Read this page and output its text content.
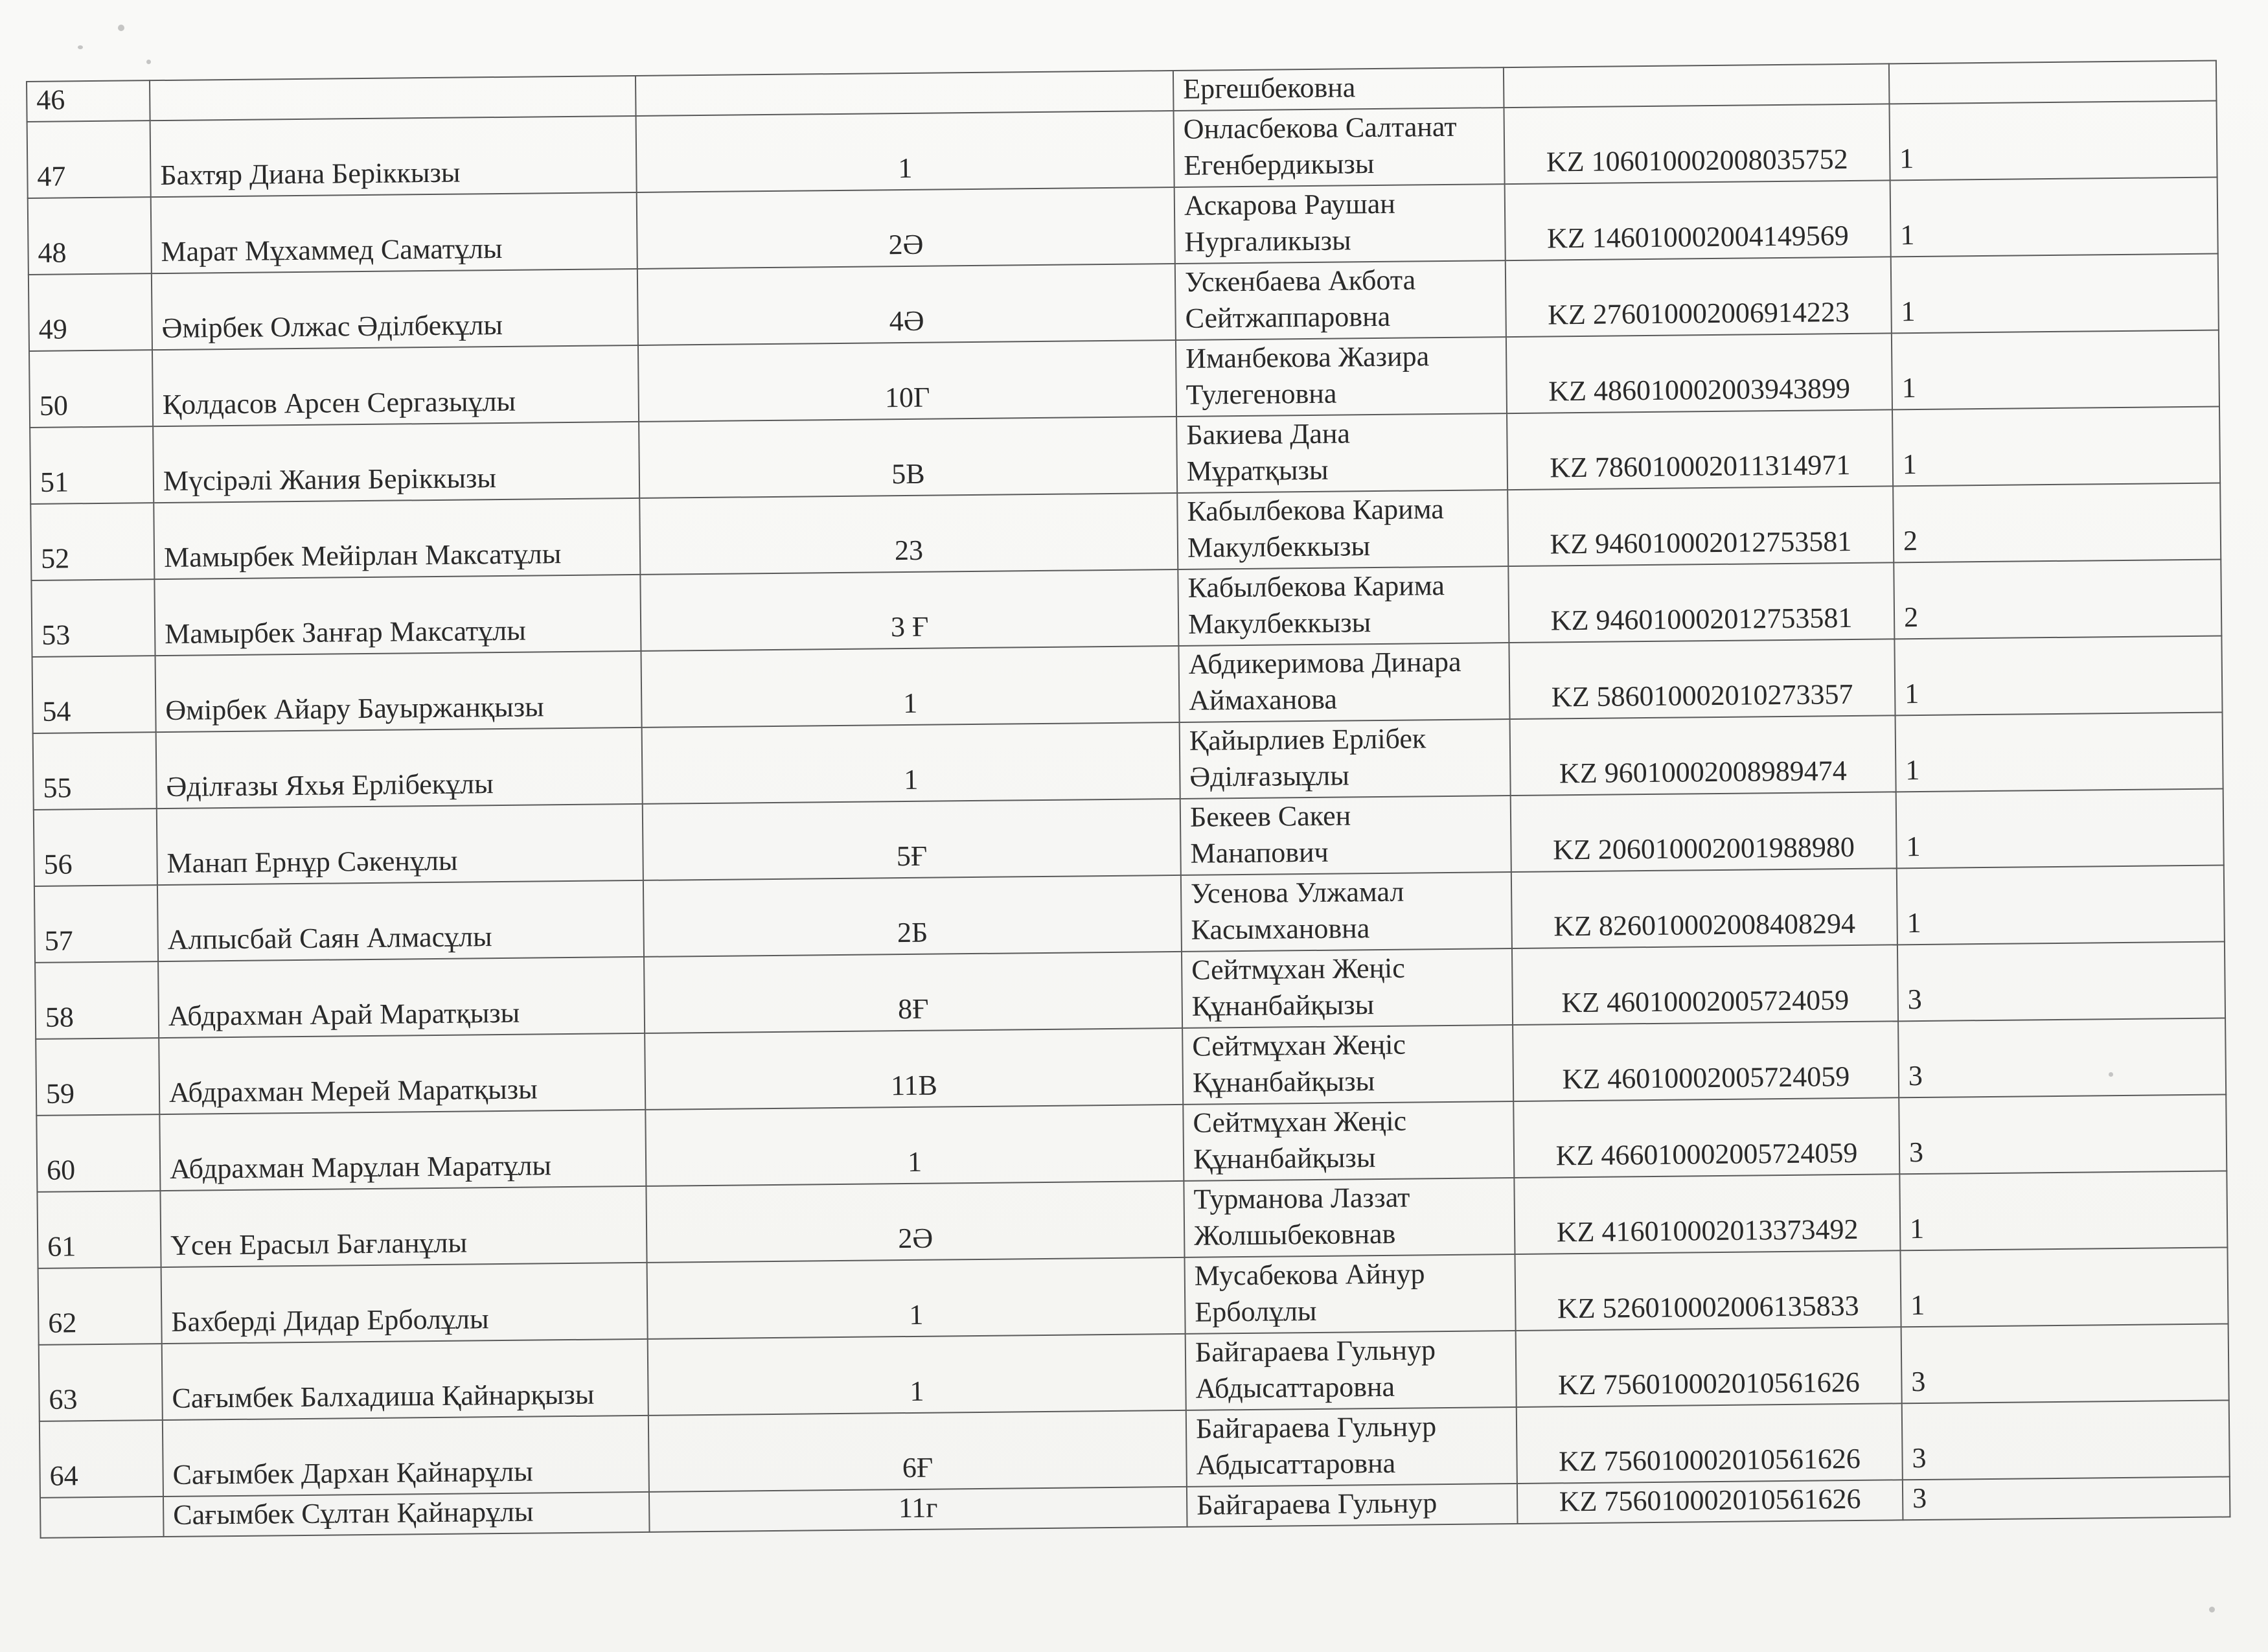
46			Ергешбековна		

47	Бахтяр Диана Беріккызы	1	Онласбекова Салтанат
Егенбердикызы	KZ 106010002008035752	1
48	Марат Мұхаммед Саматұлы	2Ә	Аскарова Раушан
Нургаликызы	KZ 146010002004149569	1
49	Әмірбек Олжас Әділбекұлы	4Ә	Ускенбаева Акбота
Сейтжаппаровна	KZ 276010002006914223	1
50	Қолдасов Арсен Сергазыұлы	10Г	Иманбекова Жазира
Тулегеновна	KZ 486010002003943899	1
51	Мүсірәлі Жания Беріккызы	5В	Бакиева Дана
Мұратқызы	KZ 786010002011314971	1
52	Мамырбек Мейірлан Максатұлы	23	Кабылбекова Карима
Макулбеккызы	KZ 946010002012753581	2
53	Мамырбек Занғар Максатұлы	3 Ғ	Кабылбекова Карима
Макулбеккызы	KZ 946010002012753581	2
54	Өмірбек Айару Бауыржанқызы	1	Абдикеримова Динара
Аймаханова	KZ 586010002010273357	1
55	Әділғазы Яхья Ерлібекұлы	1	Қайырлиев Ерлібек
Әділғазыұлы	KZ 96010002008989474	1
56	Манап Ернұр Сәкенұлы	5Ғ	Бекеев Сакен
Манапович	KZ 206010002001988980	1
57	Алпысбай Саян Алмасұлы	2Б	Усенова Улжамал
Касымхановна	KZ 826010002008408294	1
58	Абдрахман Арай Маратқызы	8Ғ	Сейтмұхан Жеңіс
Құнанбайқызы	KZ 46010002005724059	3
59	Абдрахман Мерей Маратқызы	11В	Сейтмұхан Жеңіс
Құнанбайқызы	KZ 46010002005724059	3
60	Абдрахман Марұлан Маратұлы	1	Сейтмұхан Жеңіс
Құнанбайқызы	KZ 466010002005724059	3
61	Үсен Ерасыл Бағланұлы	2Ә	Турманова Лаззат
Жолшыбековнав	KZ 416010002013373492	1
62	Бахберді Дидар Ерболұлы	1	Мусабекова Айнур
Ерболұлы	KZ 526010002006135833	1
63	Сағымбек Балхадиша Қайнарқызы	1	Байгараева Гульнур
Абдысаттаровна	KZ 756010002010561626	3
64	Сағымбек Дархан Қайнарұлы	6Ғ	Байгараева Гульнур
Абдысаттаровна	KZ 756010002010561626	3
	Сағымбек Сұлтан Қайнарұлы	11г	Байгараева Гульнур	KZ 756010002010561626	3
